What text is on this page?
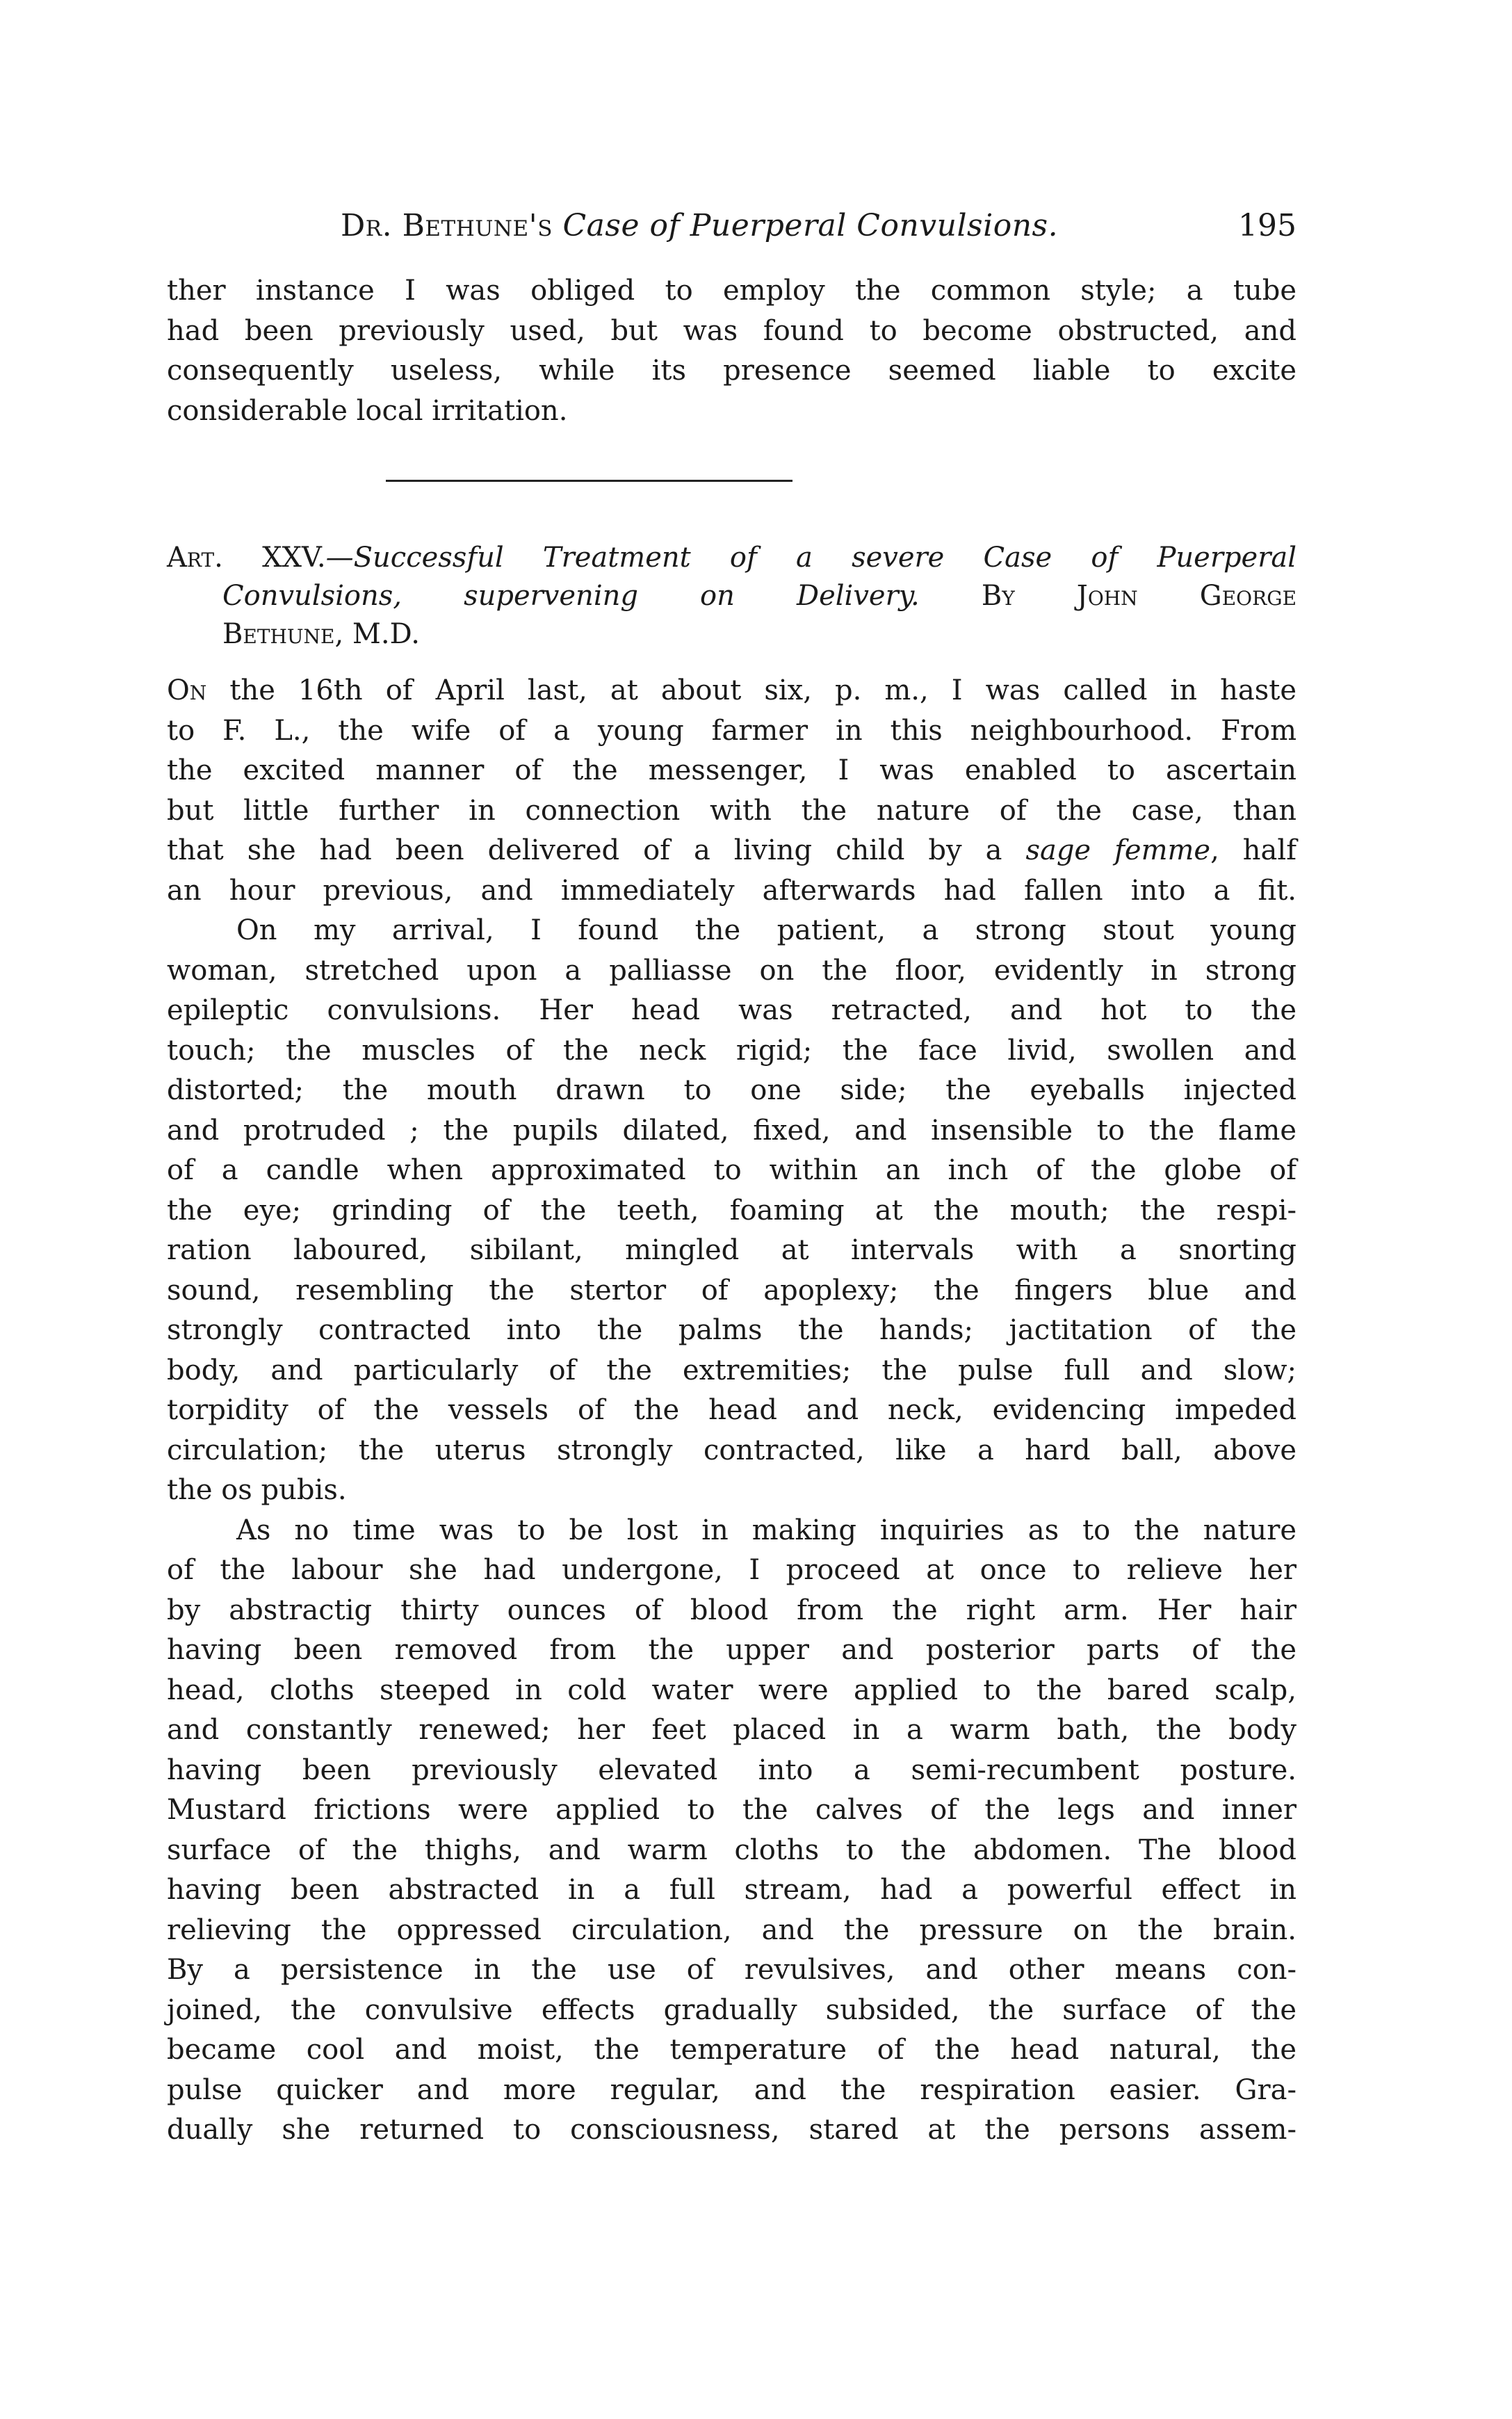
Dr. Bethune's Case of Puerperal Convulsions.	195
ther instance I was obliged to employ the common style; a tube
had been previously used, but was found to become obstructed, and
consequently useless, while its presence seemed liable to excite
considerable local irritation.
Art. XXV.—Successful Treatment of a severe Case of Puerperal
Convulsions, supervening on Delivery. By John George
Bethune, M.D.
On the 16th of April last, at about six, p. m., I was called in haste
to F. L., the wife of a young farmer in this neighbourhood. From
the excited manner of the messenger, I was enabled to ascertain
but little further in connection with the nature of the case, than
that she had been delivered of a living child by a sage femme, half
an hour previous, and immediately afterwards had fallen into a fit.
On my arrival, I found the patient, a strong stout young
woman, stretched upon a palliasse on the floor, evidently in strong
epileptic convulsions. Her head was retracted, and hot to the
touch; the muscles of the neck rigid; the face livid, swollen and
distorted; the mouth drawn to one side; the eyeballs injected
and protruded ; the pupils dilated, fixed, and insensible to the flame
of a candle when approximated to within an inch of the globe of
the eye; grinding of the teeth, foaming at the mouth; the respi-
ration laboured, sibilant, mingled at intervals with a snorting
sound, resembling the stertor of apoplexy; the fingers blue and
strongly contracted into the palms the hands; jactitation of the
body, and particularly of the extremities; the pulse full and slow;
torpidity of the vessels of the head and neck, evidencing impeded
circulation; the uterus strongly contracted, like a hard ball, above
the os pubis.
As no time was to be lost in making inquiries as to the nature
of the labour she had undergone, I proceed at once to relieve her
by abstractig thirty ounces of blood from the right arm. Her hair
having been removed from the upper and posterior parts of the
head, cloths steeped in cold water were applied to the bared scalp,
and constantly renewed; her feet placed in a warm bath, the body
having been previously elevated into a semi-recumbent posture.
Mustard frictions were applied to the calves of the legs and inner
surface of the thighs, and warm cloths to the abdomen. The blood
having been abstracted in a full stream, had a powerful effect in
relieving the oppressed circulation, and the pressure on the brain.
By a persistence in the use of revulsives, and other means con-
joined, the convulsive effects gradually subsided, the surface of the
became cool and moist, the temperature of the head natural, the
pulse quicker and more regular, and the respiration easier. Gra-
dually she returned to consciousness, stared at the persons assem-
